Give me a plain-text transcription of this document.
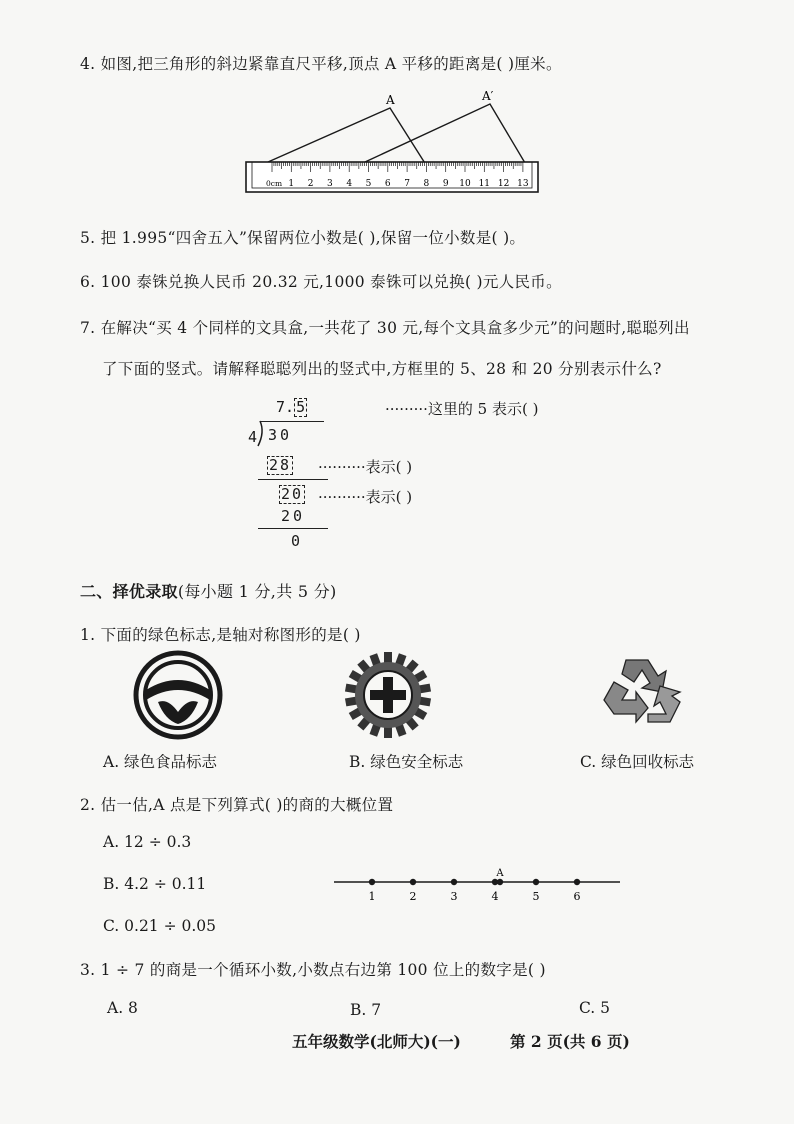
4. 如图,把三角形的斜边紧靠直尺平移,顶点 A 平移的距离是( )厘米。
A	A′
0cm 1 2 3 4 5 6 7 8 9 10 11 12 13
5. 把 1.995“四舍五入”保留两位小数是( ),保留一位小数是( )。
6. 100 泰铢兑换人民币 20.32 元,1000 泰铢可以兑换( )元人民币。
7. 在解决“买 4 个同样的文具盒,一共花了 30 元,每个文具盒多少元”的问题时,聪聪列出
了下面的竖式。请解释聪聪列出的竖式中,方框里的 5、28 和 20 分别表示什么?
7. 5	·········这里的 5 表示( )
4 30
28 ··········表示( )
20 ··········表示( )
20
0
二、择优录取(每小题 1 分,共 5 分)
1. 下面的绿色标志,是轴对称图形的是( )
A. 绿色食品标志	B. 绿色安全标志	C. 绿色回收标志
2. 估一估,A 点是下列算式( )的商的大概位置
A. 12 ÷ 0.3
B. 4.2 ÷ 0.11
C. 0.21 ÷ 0.05
1	2	3	4	5	6
A
3. 1 ÷ 7 的商是一个循环小数,小数点右边第 100 位上的数字是( )
A. 8	B. 7	C. 5
五年级数学(北师大)(一)	第 2 页(共 6 页)
